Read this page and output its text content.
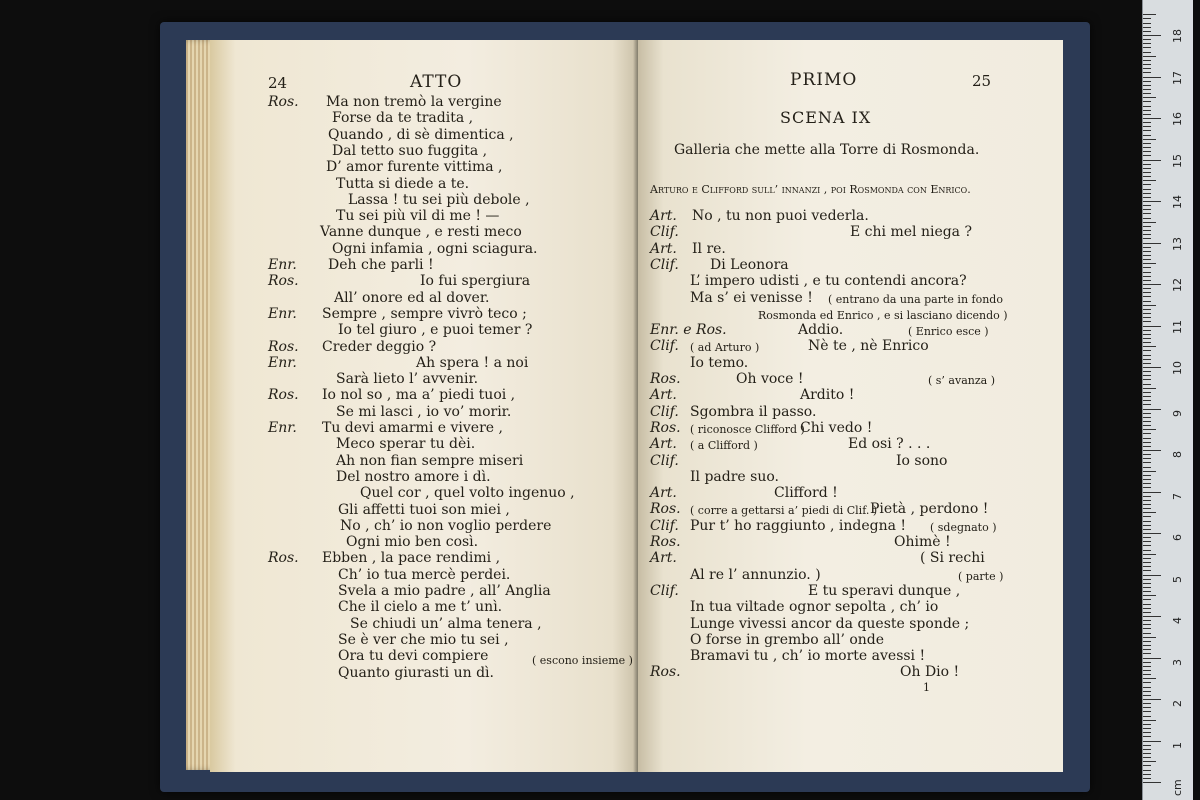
24	ATTO
Ros. Ma non tremò la vergine
Forse da te tradita ,
Quando , di sè dimentica ,
Dal tetto suo fuggita ,
D’ amor furente vittima ,
Tutta si diede a te.
Lassa ! tu sei più debole ,
Tu sei più vil di me ! —
Vanne dunque , e resti meco
Ogni infamia , ogni sciagura.
Enr. Deh che parli !
Ros.	Io fui spergiura
All’ onore ed al dover.
Enr. Sempre , sempre vivrò teco ;
Io tel giuro , e puoi temer ?
Ros. Creder deggio ?
Enr.	Ah spera ! a noi
Sarà lieto l’ avvenir.
Ros. Io nol so , ma a’ piedi tuoi ,
Se mi lasci , io vo’ morir.
Enr. Tu devi amarmi e vivere ,
Meco sperar tu dèi.
Ah non fian sempre miseri
Del nostro amore i dì.
Quel cor , quel volto ingenuo ,
Gli affetti tuoi son miei ,
No , ch’ io non voglio perdere
Ogni mio ben così.
Ros. Ebben , la pace rendimi ,
Ch’ io tua mercè perdei.
Svela a mio padre , all’ Anglia
Che il cielo a me t’ unì.
Se chiudi un’ alma tenera ,
Se è ver che mio tu sei ,
Ora tu devi compiere
Quanto giurasti un dì.
( escono insieme )
PRIMO	25
SCENA IX
Galleria che mette alla Torre di Rosmonda.
Arturo e Clifford sull’ innanzi , poi Rosmonda con Enrico.
Art. No , tu non puoi vederla.
Clif.	E chi mel niega ?
Art. Il re.
Clif. Di Leonora
L’ impero udisti , e tu contendi ancora?
Ma s’ ei venisse ! ( entrano da una parte in fondo
Rosmonda ed Enrico , e si lasciano dicendo )
Enr. e Ros.	Addio.	( Enrico esce )
Clif.	Nè te , nè Enrico
( ad Arturo )
Io temo.
Ros.	Oh voce !	( s’ avanza )
Art.	Ardito !
Clif. Sgombra il passo.
Ros.	Chi vedo !
( riconosce Clifford )
Art.	Ed osi ? . . .
( a Clifford )
Clif.	Io sono
Il padre suo.
Art.	Clifford !
Ros.	Pietà , perdono !
( corre a gettarsi a’ piedi di Clif. )
Clif. Pur t’ ho raggiunto , indegna ! ( sdegnato )
Ros.	Ohimè !
Art.	( Si rechi
Al re l’ annunzio. )	( parte )
Clif.	E tu speravi dunque ,
In tua viltade ognor sepolta , ch’ io
Lunge vivessi ancor da queste sponde ;
O forse in grembo all’ onde
Bramavi tu , ch’ io morte avessi !
Ros.	Oh Dio !
1
1
2
3
4
5
6
7
8
9
10
11
12
13
14
15
16
17
18
cm
